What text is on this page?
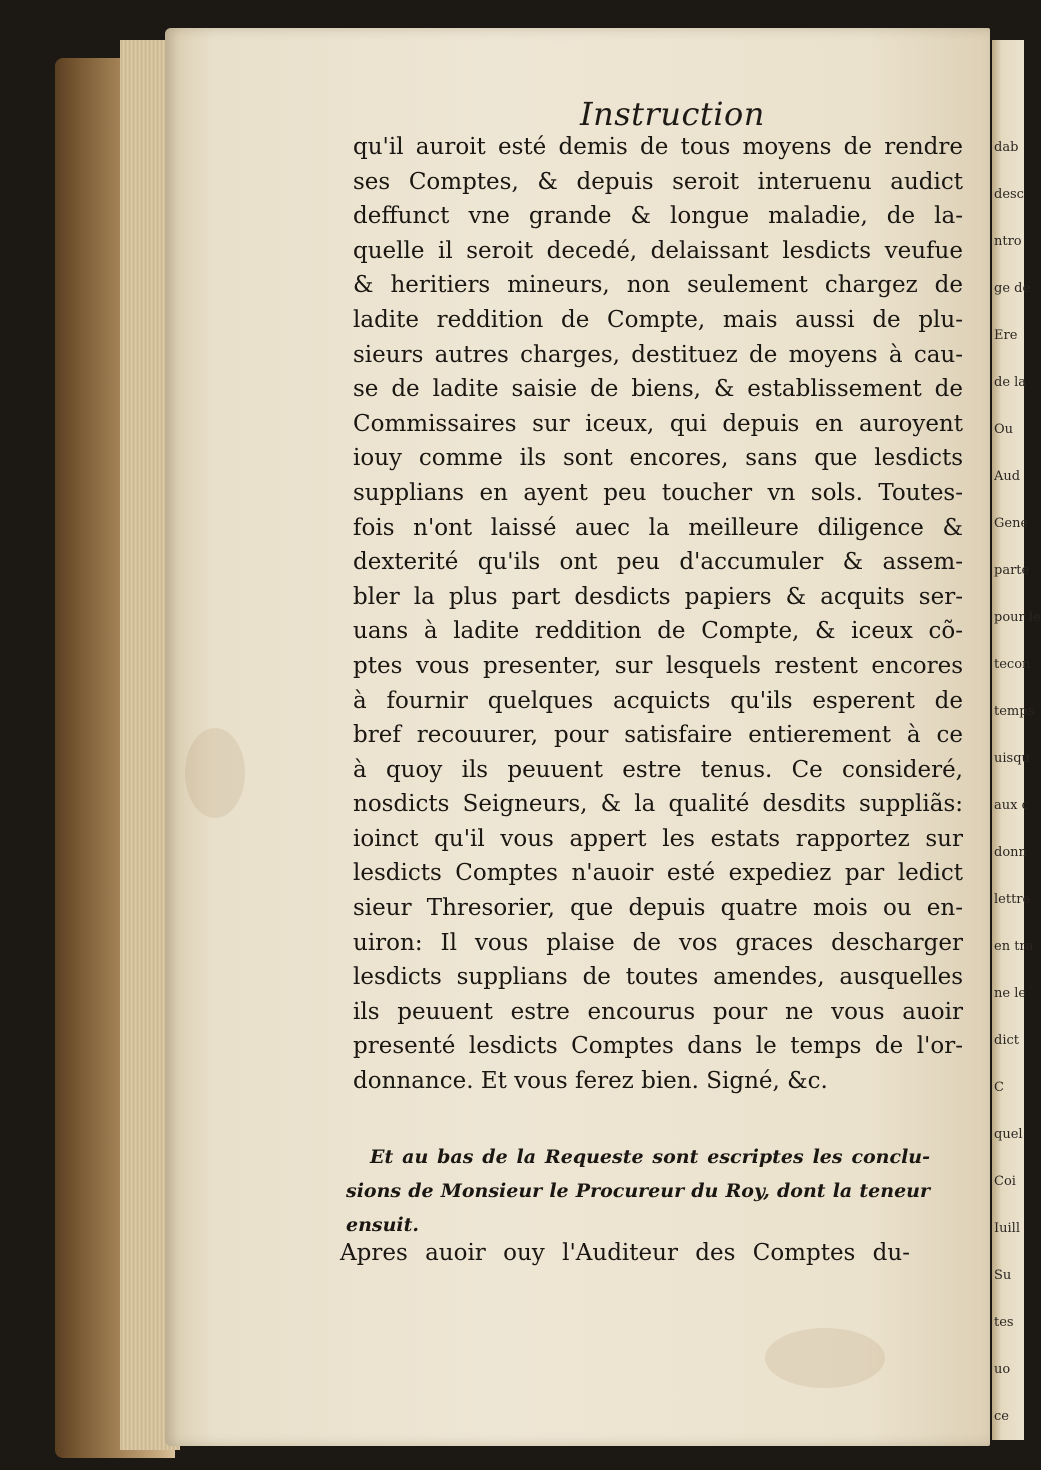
dab
desc
ntro
ge de
Ere
de la
Ou
Aud
Gene
parte
pour le
tecon
temps
uisqu
aux c
donn
lettre
en tra
ne le
dict
C
quel
Coi
Iuill
Su
tes
uo
ce
Instruction
qu'il auroit esté demis de tous moyens de rendre
ses Comptes, & depuis seroit interuenu audict
deffunct vne grande & longue maladie, de la-
quelle il seroit decedé, delaissant lesdicts veufue
& heritiers mineurs, non seulement chargez de
ladite reddition de Compte, mais aussi de plu-
sieurs autres charges, destituez de moyens à cau-
se de ladite saisie de biens, & establissement de
Commissaires sur iceux, qui depuis en auroyent
iouy comme ils sont encores, sans que lesdicts
supplians en ayent peu toucher vn sols. Toutes-
fois n'ont laissé auec la meilleure diligence &
dexterité qu'ils ont peu d'accumuler & assem-
bler la plus part desdicts papiers & acquits ser-
uans à ladite reddition de Compte, & iceux cõ-
ptes vous presenter, sur lesquels restent encores
à fournir quelques acquicts qu'ils esperent de
bref recouurer, pour satisfaire entierement à ce
à quoy ils peuuent estre tenus. Ce consideré,
nosdicts Seigneurs, & la qualité desdits suppliãs:
ioinct qu'il vous appert les estats rapportez sur
lesdicts Comptes n'auoir esté expediez par ledict
sieur Thresorier, que depuis quatre mois ou en-
uiron: Il vous plaise de vos graces descharger
lesdicts supplians de toutes amendes, ausquelles
ils peuuent estre encourus pour ne vous auoir
presenté lesdicts Comptes dans le temps de l'or-
donnance. Et vous ferez bien. Signé, &c.
Et au bas de la Requeste sont escriptes les conclu-
sions de Monsieur le Procureur du Roy, dont la teneur
ensuit.
Apres auoir ouy l'Auditeur des Comptes du-
